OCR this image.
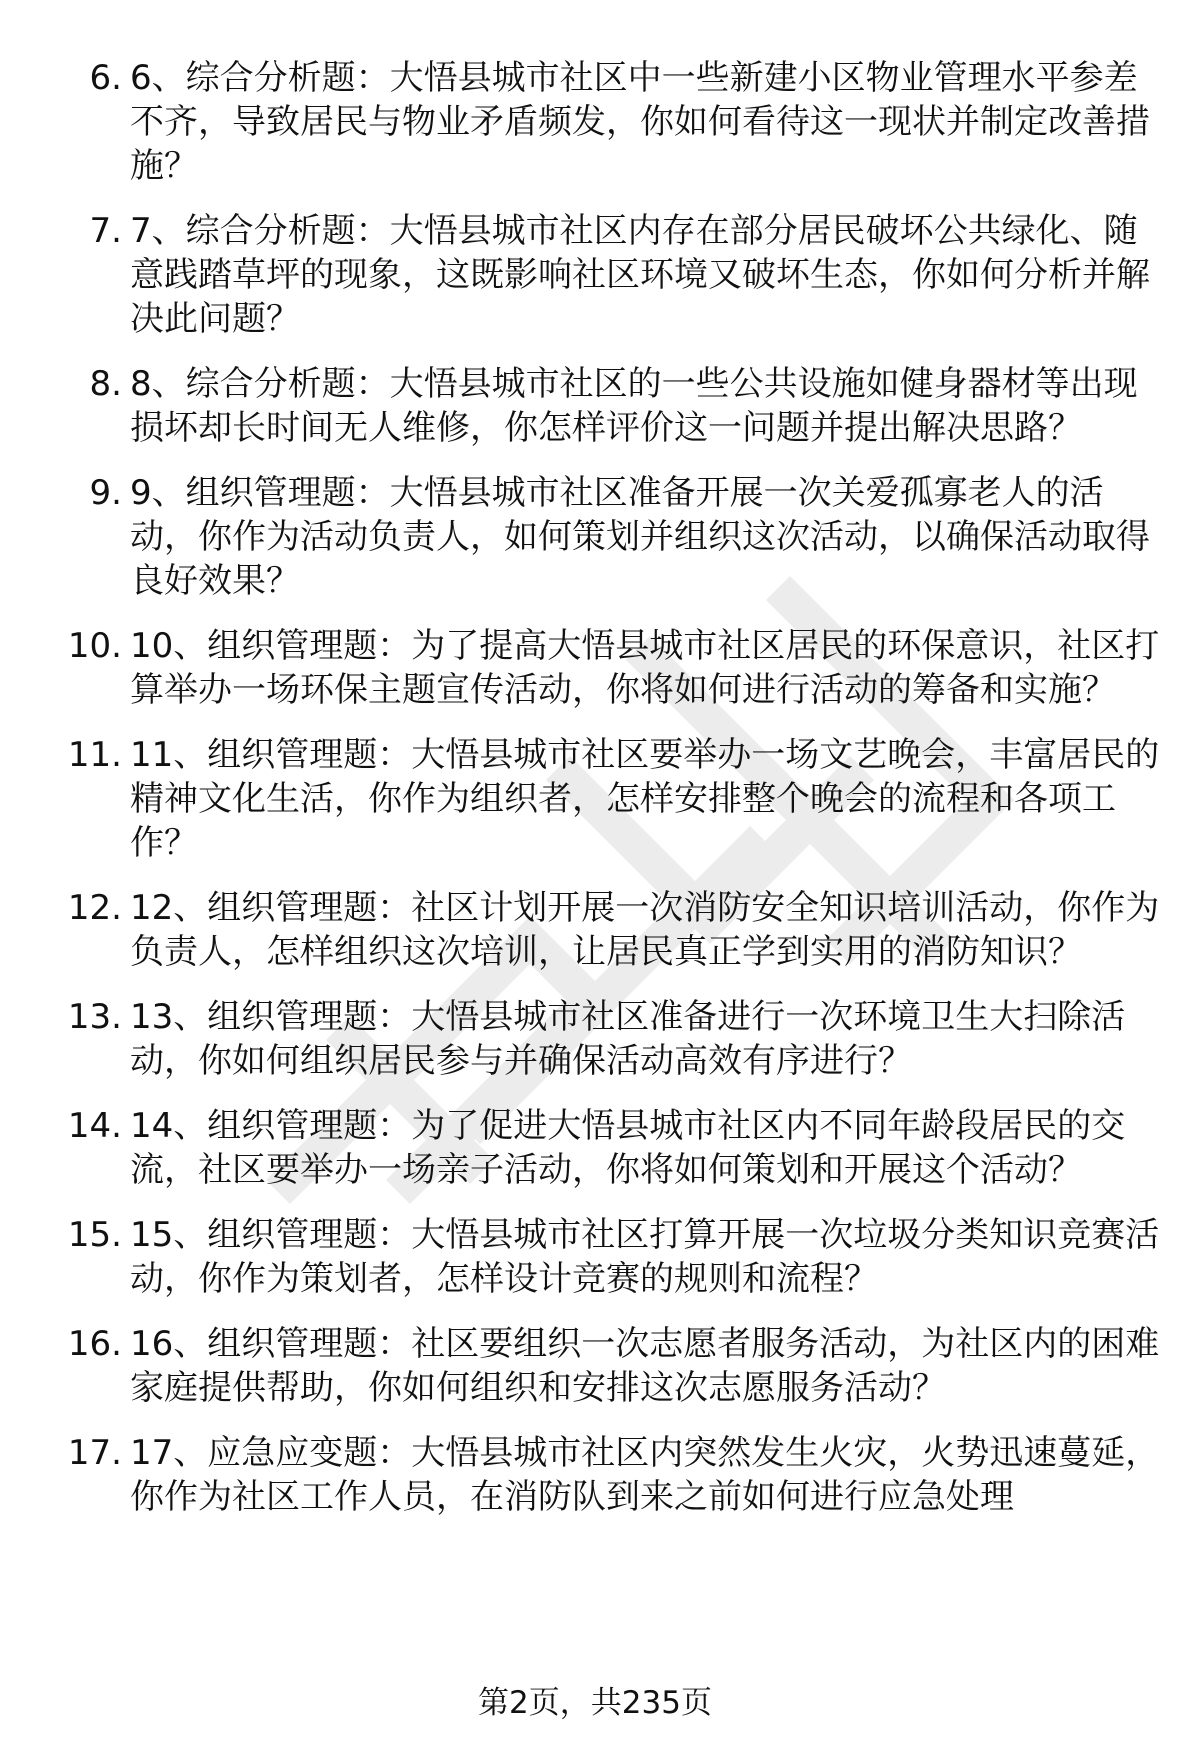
6. 6、综合分析题：大悟县城市社区中一些新建小区物业管理水平参差不齐，导致居民与物业矛盾频发，你如何看待这一现状并制定改善措施？
7. 7、综合分析题：大悟县城市社区内存在部分居民破坏公共绿化、随意践踏草坪的现象，这既影响社区环境又破坏生态，你如何分析并解决此问题？
8. 8、综合分析题：大悟县城市社区的一些公共设施如健身器材等出现损坏却长时间无人维修，你怎样评价这一问题并提出解决思路？
9. 9、组织管理题：大悟县城市社区准备开展一次关爱孤寡老人的活动，你作为活动负责人，如何策划并组织这次活动，以确保活动取得良好效果？
10. 10、组织管理题：为了提高大悟县城市社区居民的环保意识，社区打算举办一场环保主题宣传活动，你将如何进行活动的筹备和实施？
11. 11、组织管理题：大悟县城市社区要举办一场文艺晚会，丰富居民的精神文化生活，你作为组织者，怎样安排整个晚会的流程和各项工作？
12. 12、组织管理题：社区计划开展一次消防安全知识培训活动，你作为负责人，怎样组织这次培训，让居民真正学到实用的消防知识？
13. 13、组织管理题：大悟县城市社区准备进行一次环境卫生大扫除活动，你如何组织居民参与并确保活动高效有序进行？
14. 14、组织管理题：为了促进大悟县城市社区内不同年龄段居民的交流，社区要举办一场亲子活动，你将如何策划和开展这个活动？
15. 15、组织管理题：大悟县城市社区打算开展一次垃圾分类知识竞赛活动，你作为策划者，怎样设计竞赛的规则和流程？
16. 16、组织管理题：社区要组织一次志愿者服务活动，为社区内的困难家庭提供帮助，你如何组织和安排这次志愿服务活动？
17. 17、应急应变题：大悟县城市社区内突然发生火灾，火势迅速蔓延，你作为社区工作人员，在消防队到来之前如何进行应急处理
第2页，共235页
